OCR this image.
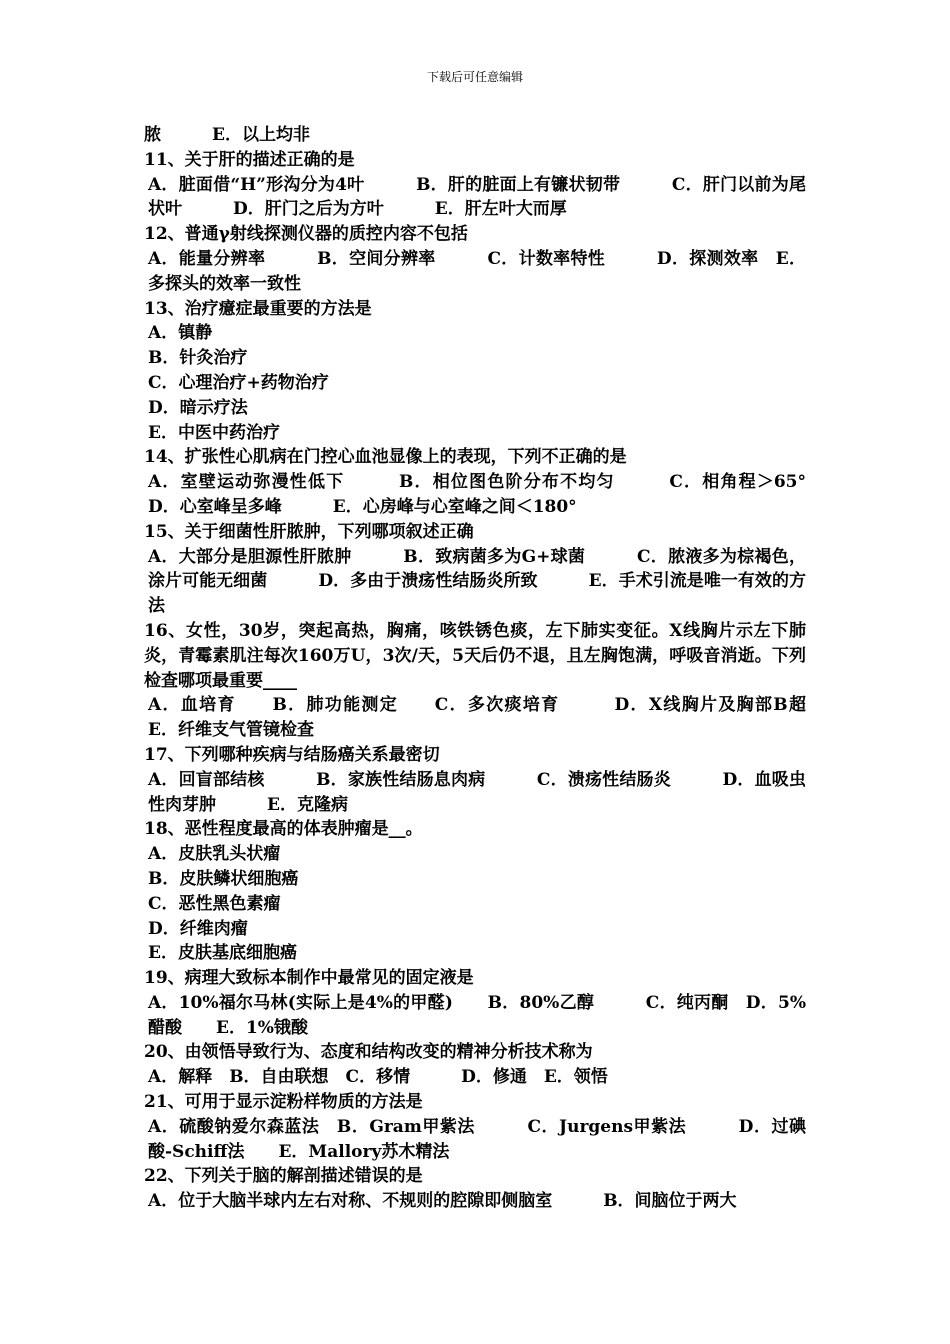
下载后可任意编辑

脓　　　E．以上均非

11、关于肝的描述正确的是

A．脏面借“H”形沟分为4叶　　　B．肝的脏面上有镰状韧带　　　C．肝门以前为尾状叶　　　D．肝门之后为方叶　　　E．肝左叶大而厚

12、普通γ射线探测仪器的质控内容不包括

A．能量分辨率　　　B．空间分辨率　　　C．计数率特性　　　D．探测效率　E．多探头的效率一致性

13、治疗癔症最重要的方法是

A．镇静

B．针灸治疗

C．心理治疗+药物治疗

D．暗示疗法

E．中医中药治疗

14、扩张性心肌病在门控心血池显像上的表现，下列不正确的是

A．室壁运动弥漫性低下　　　B．相位图色阶分布不均匀　　　C．相角程＞65°　D．心室峰呈多峰　　　E．心房峰与心室峰之间＜180°

15、关于细菌性肝脓肿，下列哪项叙述正确

A．大部分是胆源性肝脓肿　　　B．致病菌多为G+球菌　　　C．脓液多为棕褐色，涂片可能无细菌　　　D．多由于溃疡性结肠炎所致　　　E．手术引流是唯一有效的方法

16、女性，30岁，突起高热，胸痛，咳铁锈色痰，左下肺实变征。X线胸片示左下肺炎，青霉素肌注每次160万U，3次/天，5天后仍不退，且左胸饱满，呼吸音消逝。下列检查哪项最重要____

A．血培育　　B．肺功能测定　　C．多次痰培育　　　D．X线胸片及胸部B超　　E．纤维支气管镜检查

17、下列哪种疾病与结肠癌关系最密切

A．回盲部结核　　　B．家族性结肠息肉病　　　C．溃疡性结肠炎　　　D．血吸虫性肉芽肿　　　E．克隆病

18、恶性程度最高的体表肿瘤是__。

A．皮肤乳头状瘤

B．皮肤鳞状细胞癌

C．恶性黑色素瘤

D．纤维肉瘤

E．皮肤基底细胞癌

19、病理大致标本制作中最常见的固定液是

A．10%福尔马林(实际上是4%的甲醛)　　B．80%乙醇　　　C．纯丙酮　D．5%醋酸　　E．1%锇酸

20、由领悟导致行为、态度和结构改变的精神分析技术称为

A．解释　B．自由联想　C．移情　　　D．修通　E．领悟

21、可用于显示淀粉样物质的方法是

A．硫酸钠爱尔森蓝法　B．Gram甲紫法　　　C．Jurgens甲紫法　　　D．过碘酸-Schiff法　　E．Mallory苏木精法

22、下列关于脑的解剖描述错误的是

A．位于大脑半球内左右对称、不规则的腔隙即侧脑室　　　B．间脑位于两大
